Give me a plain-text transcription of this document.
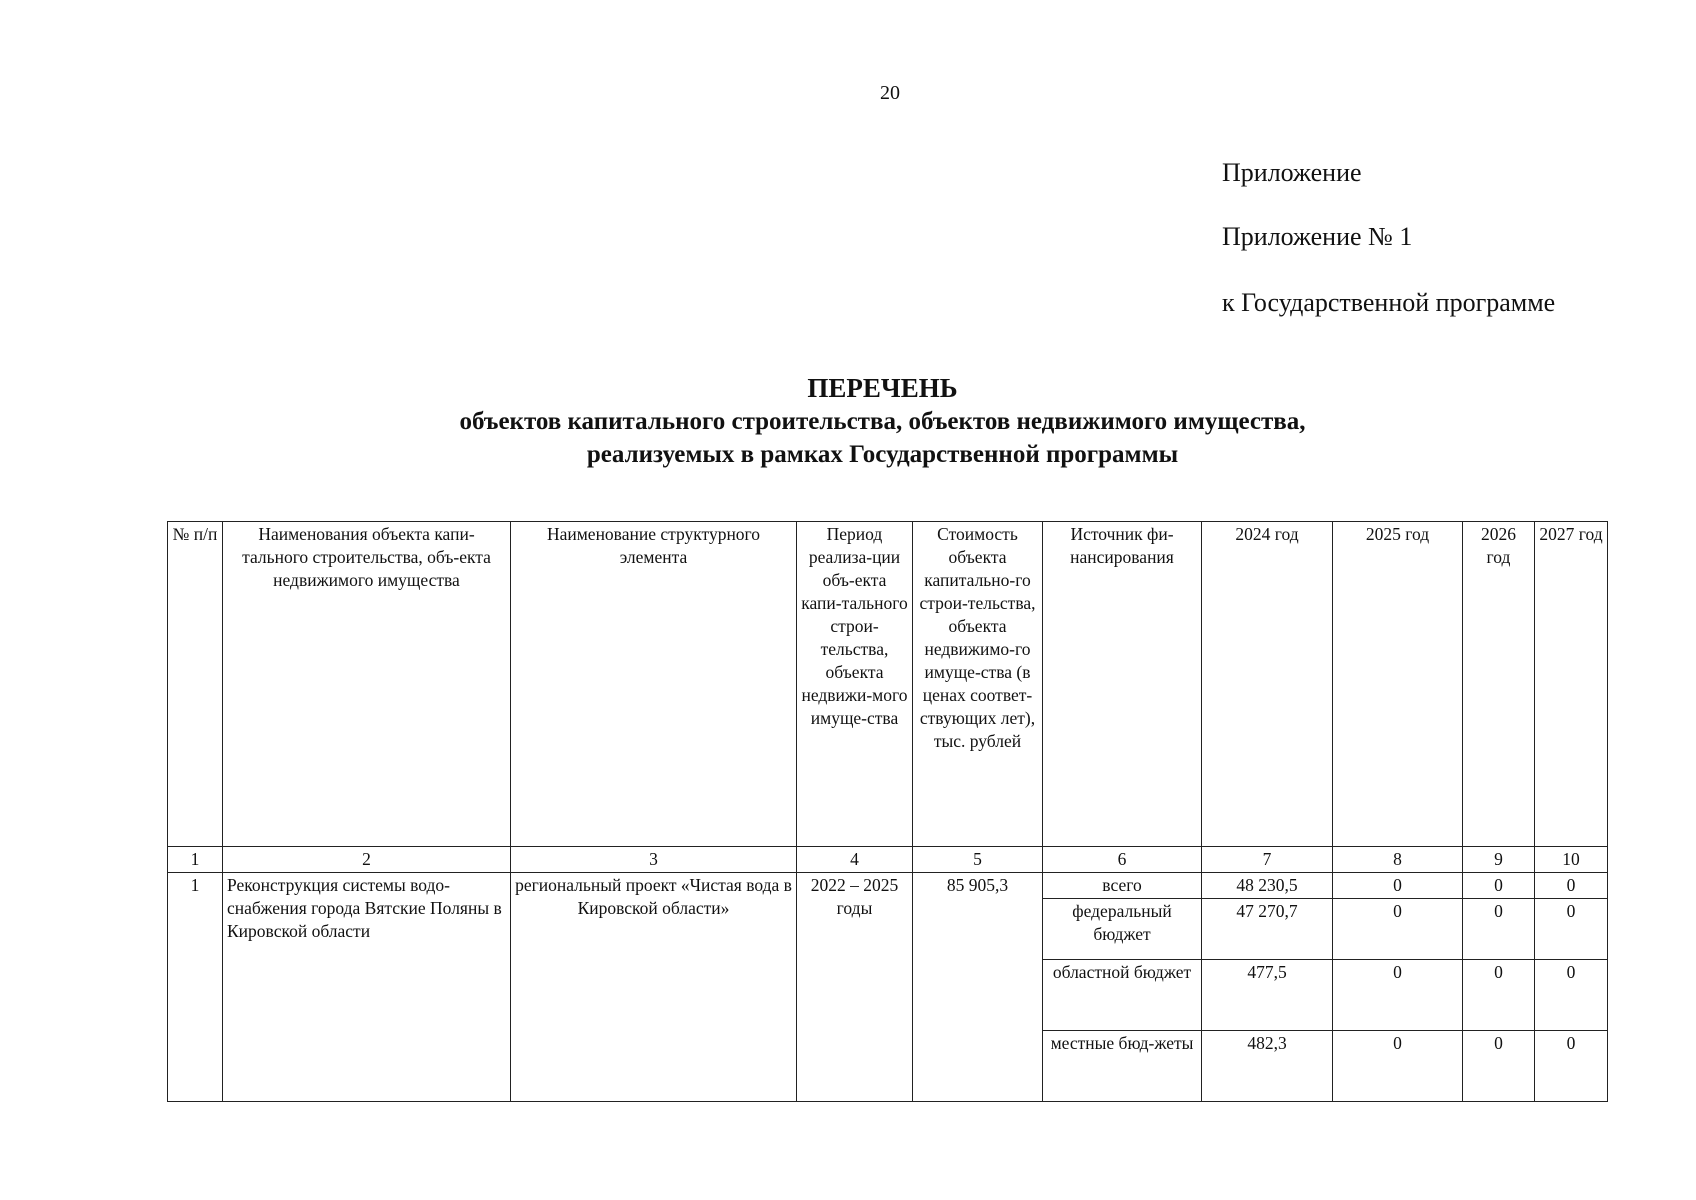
20
Приложение
Приложение № 1
к Государственной программе
ПЕРЕЧЕНЬ
объектов капитального строительства, объектов недвижимого имущества,
реализуемых в рамках Государственной программы
№ п/п	Наименования объекта капи-тального строительства, объ-екта недвижимого имущества	Наименование структурного элемента	Период реализа-ции объ-екта капи-тального строи-тельства, объекта недвижи-мого имуще-ства	Стоимость объекта капитально-го строи-тельства, объекта недвижимо-го имуще-ства (в ценах соответ-ствующих лет), тыс. рублей	Источник фи-нансирования	2024 год	2025 год	2026 год	2027 год
1	2	3	4	5	6	7	8	9	10
1	Реконструкция системы водо-снабжения города Вятские Поляны в Кировской области	региональный проект «Чистая вода в Кировской области»	2022 – 2025 годы	85 905,3	всего	48 230,5	0	0	0
					федеральный бюджет	47 270,7	0	0	0
					областной бюджет	477,5	0	0	0
					местные бюд-жеты	482,3	0	0	0
